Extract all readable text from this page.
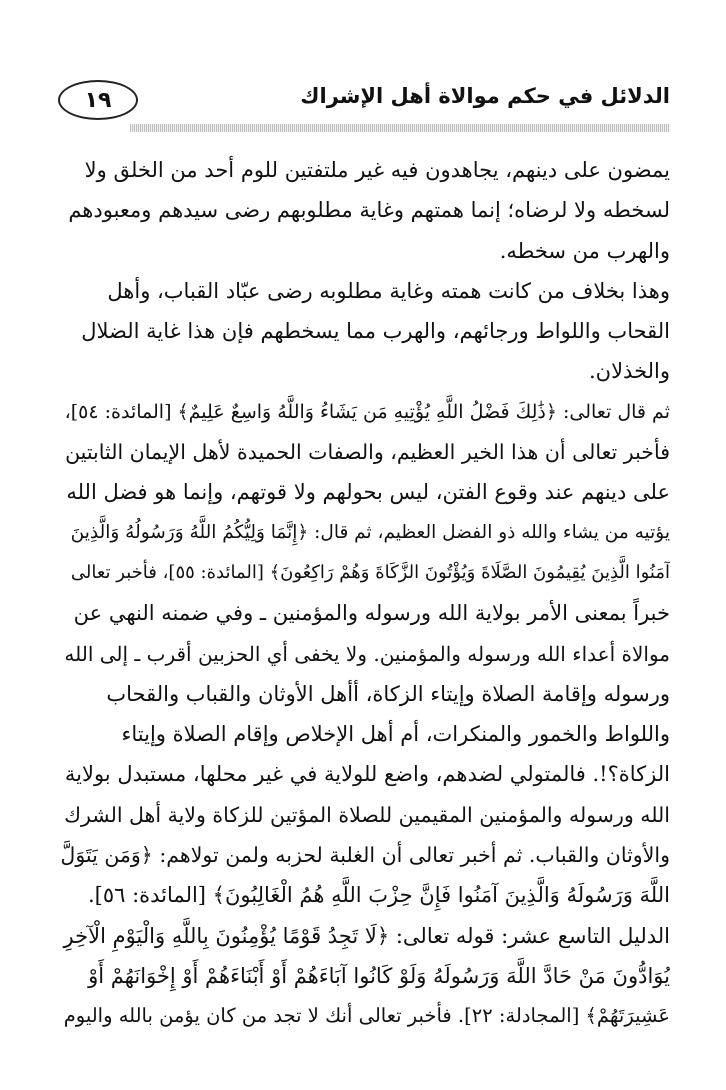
١٩	الدلائل في حكم موالاة أهل الإشراك
يمضون على دينهم، يجاهدون فيه غير ملتفتين للوم أحد من الخلق ولا
لسخطه ولا لرضاه؛ إنما همتهم وغاية مطلوبهم رضى سيدهم ومعبودهم
والهرب من سخطه.
وهذا بخلاف من كانت همته وغاية مطلوبه رضى عبّاد القباب، وأهل
القحاب واللواط ورجائهم، والهرب مما يسخطهم فإن هذا غاية الضلال
والخذلان.
ثم قال تعالى: ﴿ذَٰلِكَ فَضْلُ اللَّهِ يُؤْتِيهِ مَن يَشَاءُ وَاللَّهُ وَاسِعٌ عَلِيمٌ﴾ [المائدة: ٥٤]،
فأخبر تعالى أن هذا الخير العظيم، والصفات الحميدة لأهل الإيمان الثابتين
على دينهم عند وقوع الفتن، ليس بحولهم ولا قوتهم، وإنما هو فضل الله
يؤتيه من يشاء والله ذو الفضل العظيم، ثم قال: ﴿إِنَّمَا وَلِيُّكُمُ اللَّهُ وَرَسُولُهُ وَالَّذِينَ
آمَنُوا الَّذِينَ يُقِيمُونَ الصَّلَاةَ وَيُؤْتُونَ الزَّكَاةَ وَهُمْ رَاكِعُونَ﴾ [المائدة: ٥٥]، فأخبر تعالى
خبراً بمعنى الأمر بولاية الله ورسوله والمؤمنين ـ وفي ضمنه النهي عن
موالاة أعداء الله ورسوله والمؤمنين. ولا يخفى أي الحزبين أقرب ـ إلى الله
ورسوله وإقامة الصلاة وإيتاء الزكاة، أأهل الأوثان والقباب والقحاب
واللواط والخمور والمنكرات، أم أهل الإخلاص وإقام الصلاة وإيتاء
الزكاة؟!. فالمتولي لضدهم، واضع للولاية في غير محلها، مستبدل بولاية
الله ورسوله والمؤمنين المقيمين للصلاة المؤتين للزكاة ولاية أهل الشرك
والأوثان والقباب. ثم أخبر تعالى أن الغلبة لحزبه ولمن تولاهم: ﴿وَمَن يَتَوَلَّ
اللَّهَ وَرَسُولَهُ وَالَّذِينَ آمَنُوا فَإِنَّ حِزْبَ اللَّهِ هُمُ الْغَالِبُونَ﴾ [المائدة: ٥٦].
الدليل التاسع عشر: قوله تعالى: ﴿لَا تَجِدُ قَوْمًا يُؤْمِنُونَ بِاللَّهِ وَالْيَوْمِ الْآخِرِ
يُوَادُّونَ مَنْ حَادَّ اللَّهَ وَرَسُولَهُ وَلَوْ كَانُوا آبَاءَهُمْ أَوْ أَبْنَاءَهُمْ أَوْ إِخْوَانَهُمْ أَوْ
عَشِيرَتَهُمْ﴾ [المجادلة: ٢٢]. فأخبر تعالى أنك لا تجد من كان يؤمن بالله واليوم
